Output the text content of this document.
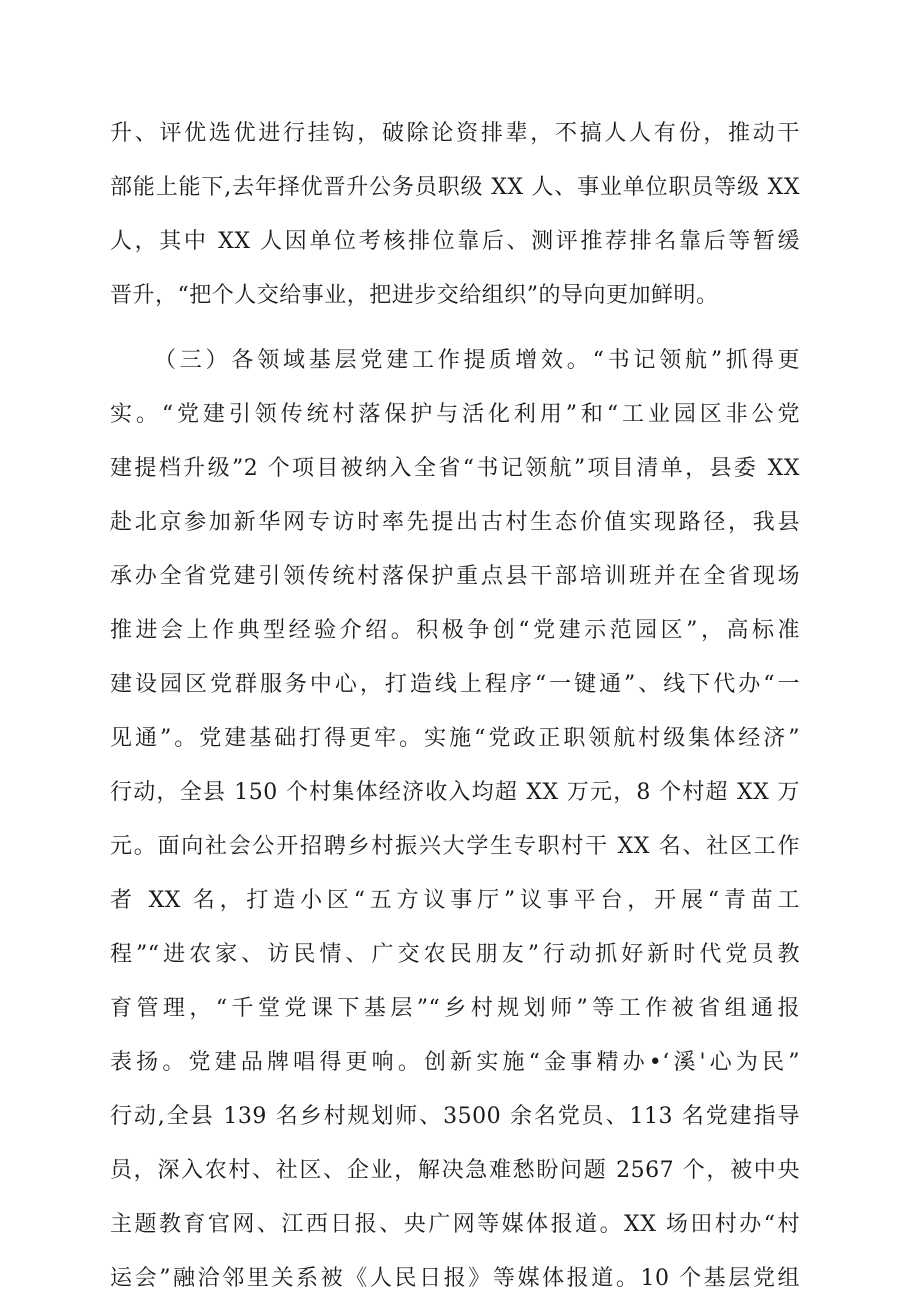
升、评优选优进行挂钩，破除论资排辈，不搞人人有份，推动干
部能上能下,去年择优晋升公务员职级 XX 人、事业单位职员等级 XX
人，其中 XX 人因单位考核排位靠后、测评推荐排名靠后等暂缓
晋升，“把个人交给事业，把进步交给组织”的导向更加鲜明。
（三）各领域基层党建工作提质增效。“书记领航”抓得更
实。“党建引领传统村落保护与活化利用”和“工业园区非公党
建提档升级”2 个项目被纳入全省“书记领航”项目清单，县委 XX
赴北京参加新华网专访时率先提出古村生态价值实现路径，我县
承办全省党建引领传统村落保护重点县干部培训班并在全省现场
推进会上作典型经验介绍。积极争创“党建示范园区”，高标准
建设园区党群服务中心，打造线上程序“一键通”、线下代办“一
见通”。党建基础打得更牢。实施“党政正职领航村级集体经济”
行动，全县 150 个村集体经济收入均超 XX 万元，8 个村超 XX 万
元。面向社会公开招聘乡村振兴大学生专职村干 XX 名、社区工作
者 XX 名，打造小区“五方议事厅”议事平台，开展“青苗工
程”“进农家、访民情、广交农民朋友”行动抓好新时代党员教
育管理，“千堂党课下基层”“乡村规划师”等工作被省组通报
表扬。党建品牌唱得更响。创新实施“金事精办•‘溪'心为民”
行动,全县 139 名乡村规划师、3500 余名党员、113 名党建指导
员，深入农村、社区、企业，解决急难愁盼问题 2567 个，被中央
主题教育官网、江西日报、央广网等媒体报道。XX 场田村办“村
运会”融洽邻里关系被《人民日报》等媒体报道。10 个基层党组
